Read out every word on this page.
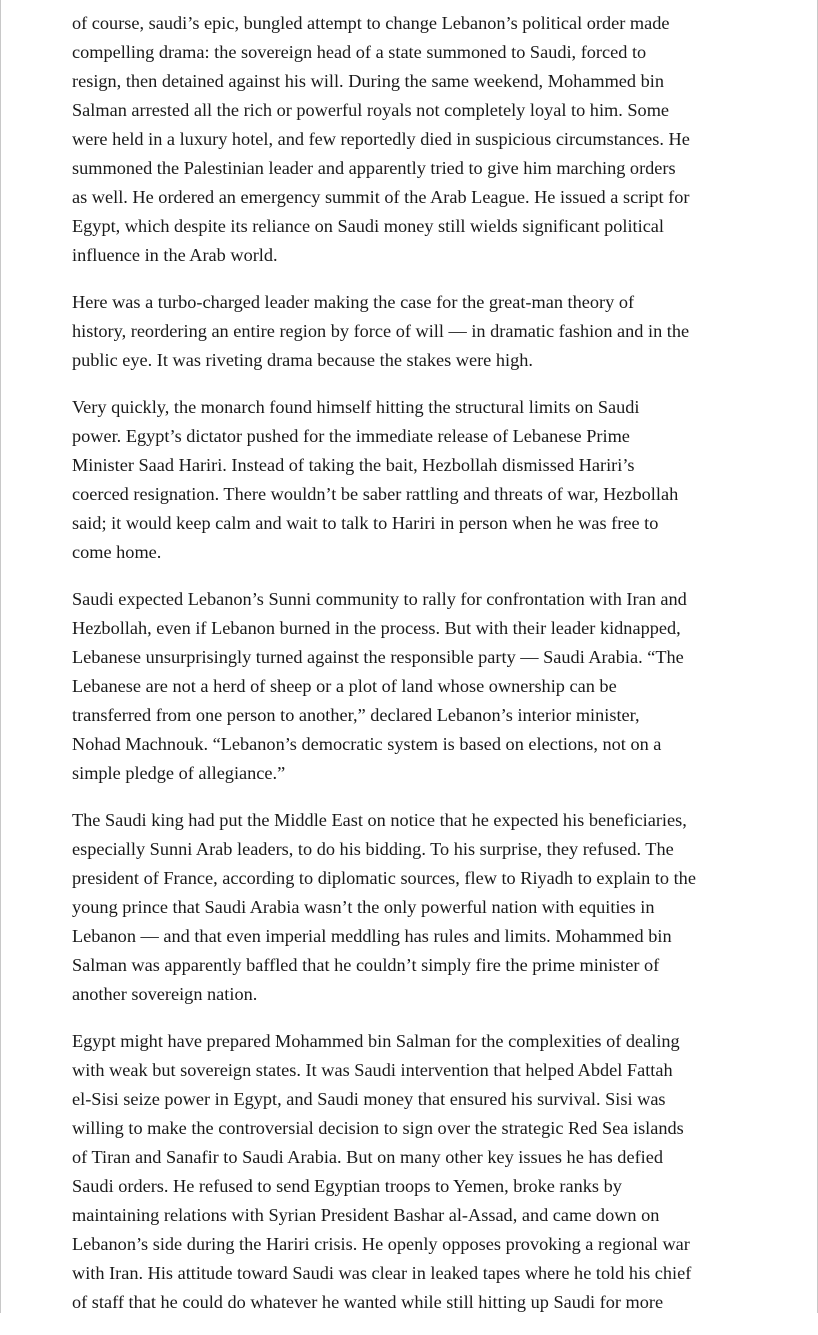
of course, saudi’s epic, bungled attempt to change Lebanon’s political order made
compelling drama: the sovereign head of a state summoned to Saudi, forced to
resign, then detained against his will. During the same weekend, Mohammed bin
Salman arrested all the rich or powerful royals not completely loyal to him. Some
were held in a luxury hotel, and few reportedly died in suspicious circumstances. He
summoned the Palestinian leader and apparently tried to give him marching orders
as well. He ordered an emergency summit of the Arab League. He issued a script for
Egypt, which despite its reliance on Saudi money still wields significant political
influence in the Arab world.

Here was a turbo-charged leader making the case for the great-man theory of
history, reordering an entire region by force of will — in dramatic fashion and in the
public eye. It was riveting drama because the stakes were high.

Very quickly, the monarch found himself hitting the structural limits on Saudi
power. Egypt’s dictator pushed for the immediate release of Lebanese Prime
Minister Saad Hariri. Instead of taking the bait, Hezbollah dismissed Hariri’s
coerced resignation. There wouldn’t be saber rattling and threats of war, Hezbollah
said; it would keep calm and wait to talk to Hariri in person when he was free to
come home.

Saudi expected Lebanon’s Sunni community to rally for confrontation with Iran and
Hezbollah, even if Lebanon burned in the process. But with their leader kidnapped,
Lebanese unsurprisingly turned against the responsible party — Saudi Arabia. “The
Lebanese are not a herd of sheep or a plot of land whose ownership can be
transferred from one person to another,” declared Lebanon’s interior minister,
Nohad Machnouk. “Lebanon’s democratic system is based on elections, not on a
simple pledge of allegiance.”

The Saudi king had put the Middle East on notice that he expected his beneficiaries,
especially Sunni Arab leaders, to do his bidding. To his surprise, they refused. The
president of France, according to diplomatic sources, flew to Riyadh to explain to the
young prince that Saudi Arabia wasn’t the only powerful nation with equities in
Lebanon — and that even imperial meddling has rules and limits. Mohammed bin
Salman was apparently baffled that he couldn’t simply fire the prime minister of
another sovereign nation.

Egypt might have prepared Mohammed bin Salman for the complexities of dealing
with weak but sovereign states. It was Saudi intervention that helped Abdel Fattah
el-Sisi seize power in Egypt, and Saudi money that ensured his survival. Sisi was
willing to make the controversial decision to sign over the strategic Red Sea islands
of Tiran and Sanafir to Saudi Arabia. But on many other key issues he has defied
Saudi orders. He refused to send Egyptian troops to Yemen, broke ranks by
maintaining relations with Syrian President Bashar al-Assad, and came down on
Lebanon’s side during the Hariri crisis. He openly opposes provoking a regional war
with Iran. His attitude toward Saudi was clear in leaked tapes where he told his chief
of staff that he could do whatever he wanted while still hitting up Saudi for more
